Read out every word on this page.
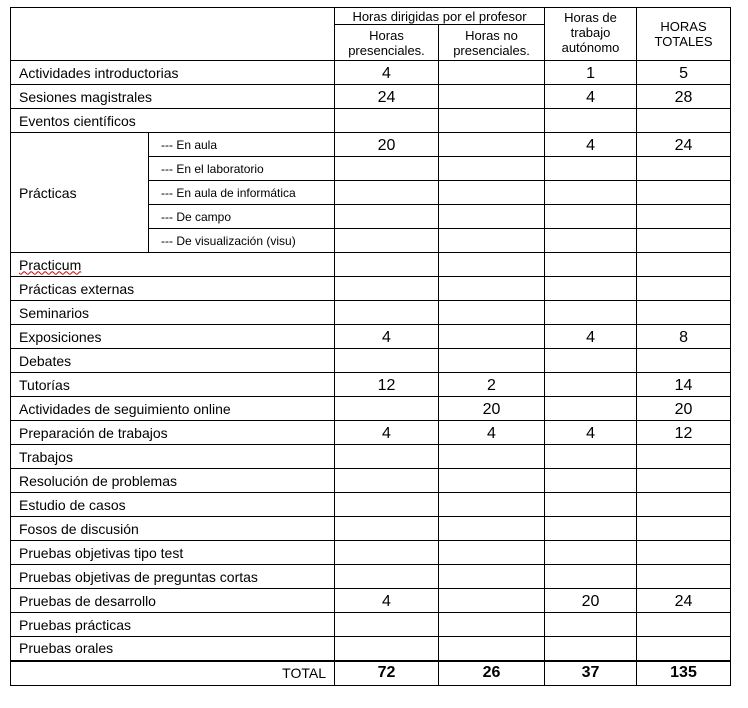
		Horas dirigidas por el profesor		Horas de trabajo autónomo	HORAS TOTALES
		Horas presenciales.	Horas no presenciales.		
Actividades introductorias		4		1	5
Sesiones magistrales		24		4	28
Eventos científicos					
Prácticas	--- En aula	20		4	24
	--- En el laboratorio				
	--- En aula de informática				
	--- De campo				
	--- De visualización (visu)				
Practicum					
Prácticas externas					
Seminarios					
Exposiciones		4		4	8
Debates					
Tutorías		12	2		14
Actividades de seguimiento online			20		20
Preparación de trabajos		4	4	4	12
Trabajos					
Resolución de problemas					
Estudio de casos					
Fosos de discusión					
Pruebas objetivas tipo test					
Pruebas objetivas de preguntas cortas					
Pruebas de desarrollo		4		20	24
Pruebas prácticas					
Pruebas orales					
TOTAL		72	26	37	135
